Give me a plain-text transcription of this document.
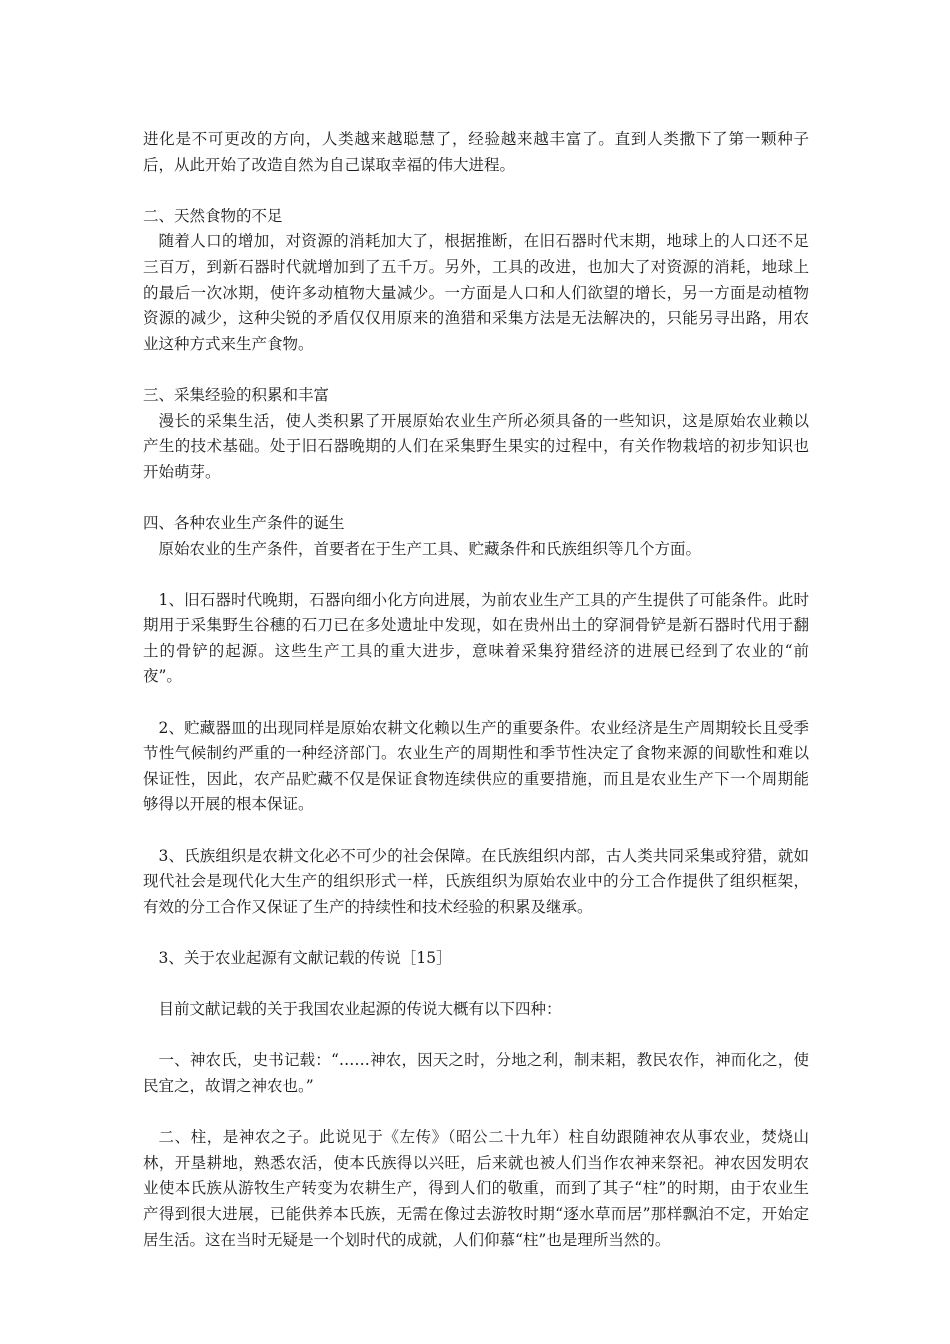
进化是不可更改的方向，人类越来越聪慧了，经验越来越丰富了。直到人类撒下了第一颗种子后，从此开始了改造自然为自己谋取幸福的伟大进程。

二、天然食物的不足

随着人口的增加，对资源的消耗加大了，根据推断，在旧石器时代末期，地球上的人口还不足三百万，到新石器时代就增加到了五千万。另外，工具的改进，也加大了对资源的消耗，地球上的最后一次冰期，使许多动植物大量减少。一方面是人口和人们欲望的增长，另一方面是动植物资源的减少，这种尖锐的矛盾仅仅用原来的渔猎和采集方法是无法解决的，只能另寻出路，用农业这种方式来生产食物。

三、采集经验的积累和丰富

漫长的采集生活，使人类积累了开展原始农业生产所必须具备的一些知识，这是原始农业赖以产生的技术基础。处于旧石器晚期的人们在采集野生果实的过程中，有关作物栽培的初步知识也开始萌芽。

四、各种农业生产条件的诞生

原始农业的生产条件，首要者在于生产工具、贮藏条件和氏族组织等几个方面。

1、旧石器时代晚期，石器向细小化方向进展，为前农业生产工具的产生提供了可能条件。此时期用于采集野生谷穗的石刀已在多处遗址中发现，如在贵州出土的穿洞骨铲是新石器时代用于翻土的骨铲的起源。这些生产工具的重大进步，意味着采集狩猎经济的进展已经到了农业的“前夜”。

2、贮藏器皿的出现同样是原始农耕文化赖以生产的重要条件。农业经济是生产周期较长且受季节性气候制约严重的一种经济部门。农业生产的周期性和季节性决定了食物来源的间歇性和难以保证性，因此，农产品贮藏不仅是保证食物连续供应的重要措施，而且是农业生产下一个周期能够得以开展的根本保证。

3、氏族组织是农耕文化必不可少的社会保障。在氏族组织内部，古人类共同采集或狩猎，就如现代社会是现代化大生产的组织形式一样，氏族组织为原始农业中的分工合作提供了组织框架，有效的分工合作又保证了生产的持续性和技术经验的积累及继承。

3、关于农业起源有文献记载的传说［15］

目前文献记载的关于我国农业起源的传说大概有以下四种：

一、神农氏，史书记载：“……神农，因天之时，分地之利，制耒耜，教民农作，神而化之，使民宜之，故谓之神农也。”

二、柱，是神农之子。此说见于《左传》（昭公二十九年）柱自幼跟随神农从事农业，焚烧山林，开垦耕地，熟悉农活，使本氏族得以兴旺，后来就也被人们当作农神来祭祀。神农因发明农业使本氏族从游牧生产转变为农耕生产，得到人们的敬重，而到了其子“柱”的时期，由于农业生产得到很大进展，已能供养本氏族，无需在像过去游牧时期“逐水草而居”那样飘泊不定，开始定居生活。这在当时无疑是一个划时代的成就，人们仰慕“柱”也是理所当然的。
